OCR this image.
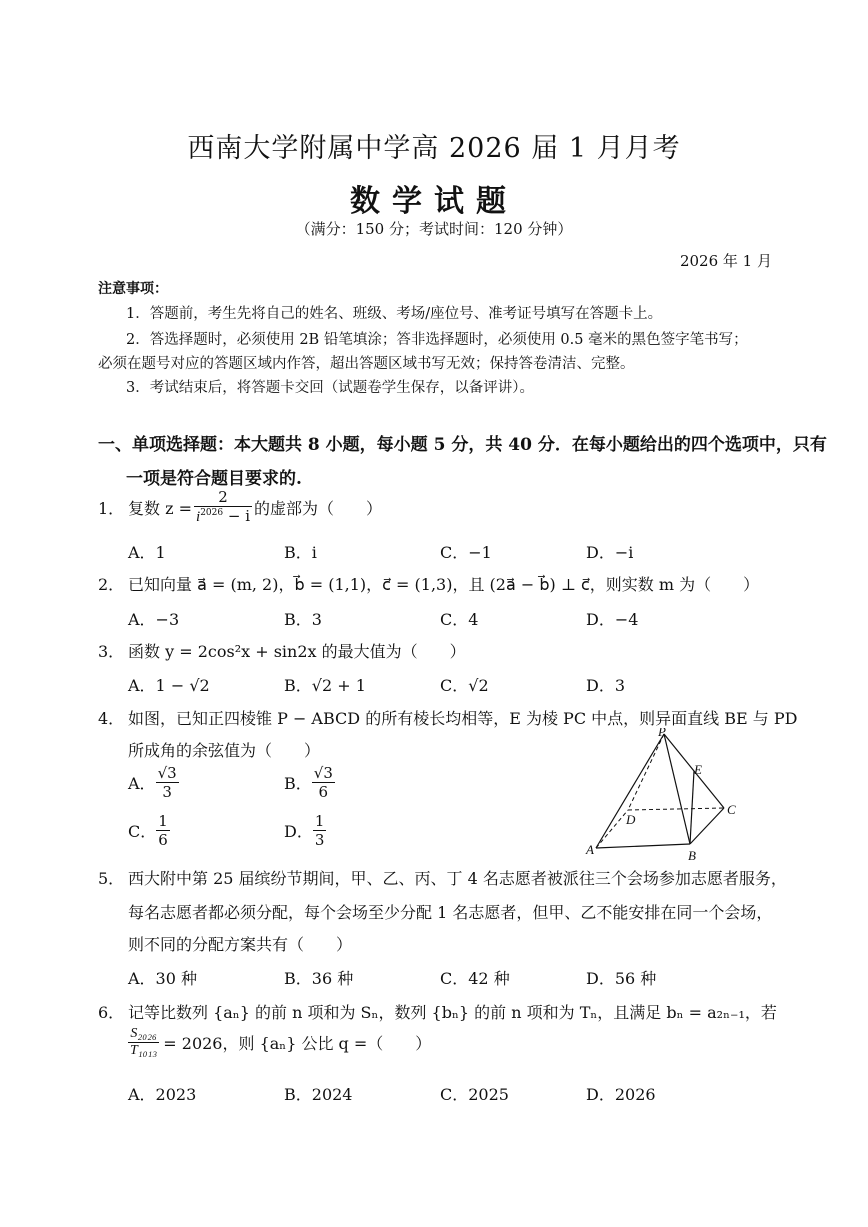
西南大学附属中学高 2026 届 1 月月考
数学试题
（满分：150 分；考试时间：120 分钟）
2026 年 1 月
注意事项：
1．答题前，考生先将自己的姓名、班级、考场/座位号、准考证号填写在答题卡上。
2．答选择题时，必须使用 2B 铅笔填涂；答非选择题时，必须使用 0.5 毫米的黑色签字笔书写；
必须在题号对应的答题区域内作答，超出答题区域书写无效；保持答卷清洁、完整。
3．考试结束后，将答题卡交回（试题卷学生保存，以备评讲）。
一、单项选择题：本大题共 8 小题，每小题 5 分，共 40 分．在每小题给出的四个选项中，只有
一项是符合题目要求的.
1． 复数 $z = \frac{2}{i^{2026} - i}$ 的虚部为（　　）
A．1	B．i	C．−1	D．−i
2． 已知向量 a⃗ = (m, 2)，b⃗ = (1,1)，c⃗ = (1,3)，且 (2a⃗ − b⃗) ⊥ c⃗，则实数 m 为（　　）
A．−3	B．3	C．4	D．−4
3． 函数 y = 2cos²x + sin2x 的最大值为（　　）
A．1 − √2	B．√2 + 1	C．√2	D．3
4． 如图，已知正四棱锥 P − ABCD 的所有棱长均相等，E 为棱 PC 中点，则异面直线 BE 与 PD
所成角的余弦值为（　　）
A． $\frac{√3}{3}$	B． $\frac{√3}{6}$
C． $\frac{1}{6}$	D． $\frac{1}{3}$
P
E
C
D
A	B
5． 西大附中第 25 届缤纷节期间，甲、乙、丙、丁 4 名志愿者被派往三个会场参加志愿者服务，
每名志愿者都必须分配，每个会场至少分配 1 名志愿者，但甲、乙不能安排在同一个会场，
则不同的分配方案共有（　　）
A．30 种	B．36 种	C．42 种	D．56 种
6． 记等比数列 {aₙ} 的前 n 项和为 Sₙ，数列 {bₙ} 的前 n 项和为 Tₙ，且满足 bₙ = a₂ₙ₋₁，若
$\frac{\text{S₂₀₂₆}}{\text{T₁₀₁₃}} = 2026$，则 {aₙ} 公比 q =（　　）
A．2023	B．2024	C．2025	D．2026
